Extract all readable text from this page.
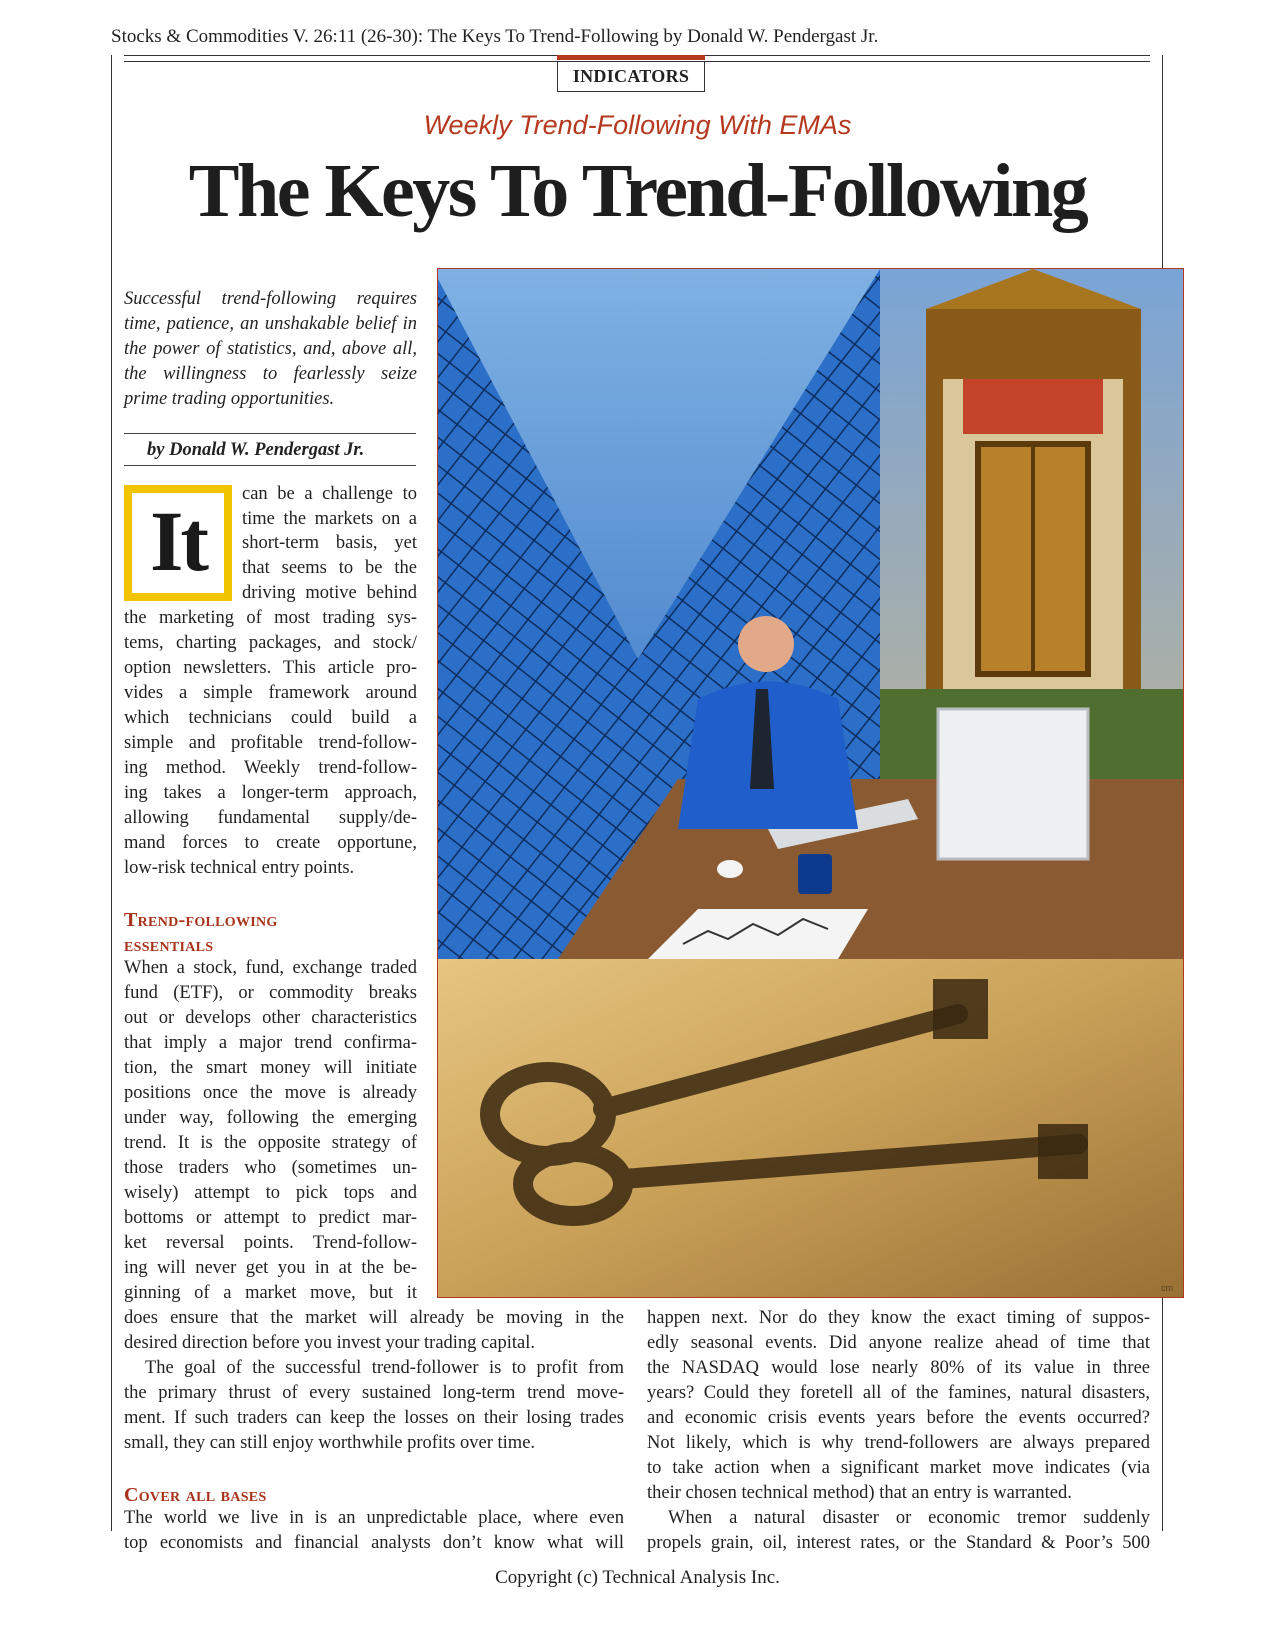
Stocks & Commodities V. 26:11 (26-30): The Keys To Trend-Following by Donald W. Pendergast Jr.
INDICATORS
Weekly Trend-Following With EMAs
The Keys To Trend-Following
Successful trend-following requires time, patience, an unshakable belief in the power of statistics, and, above all, the willingness to fearlessly seize prime trading opportunities.
by Donald W. Pendergast Jr.
It	can be a challenge to
time the markets on a
short-term basis, yet
that seems to be the
driving motive behind
the marketing of most trading sys-
tems, charting packages, and stock/
option newsletters. This article pro-
vides a simple framework around
which technicians could build a
simple and profitable trend-follow-
ing method. Weekly trend-follow-
ing takes a longer-term approach,
allowing fundamental supply/de-
mand forces to create opportune,
low-risk technical entry points.
Trend-following
essentials
When a stock, fund, exchange traded
fund (ETF), or commodity breaks
out or develops other characteristics
that imply a major trend confirma-
tion, the smart money will initiate
positions once the move is already
under way, following the emerging
trend. It is the opposite strategy of
those traders who (sometimes un-
wisely) attempt to pick tops and
bottoms or attempt to predict mar-
ket reversal points. Trend-follow-
ing will never get you in at the be-
ginning of a market move, but it
does ensure that the market will already be moving in the
desired direction before you invest your trading capital.
The goal of the successful trend-follower is to profit from
the primary thrust of every sustained long-term trend move-
ment. If such traders can keep the losses on their losing trades
small, they can still enjoy worthwhile profits over time.
Cover all bases
The world we live in is an unpredictable place, where even
top economists and financial analysts don’t know what will
happen next. Nor do they know the exact timing of suppos-
edly seasonal events. Did anyone realize ahead of time that
the NASDAQ would lose nearly 80% of its value in three
years? Could they foretell all of the famines, natural disasters,
and economic crisis events years before the events occurred?
Not likely, which is why trend-followers are always prepared
to take action when a significant market move indicates (via
their chosen technical method) that an entry is warranted.
When a natural disaster or economic tremor suddenly
propels grain, oil, interest rates, or the Standard & Poor’s 500
cm
Copyright (c) Technical Analysis Inc.
